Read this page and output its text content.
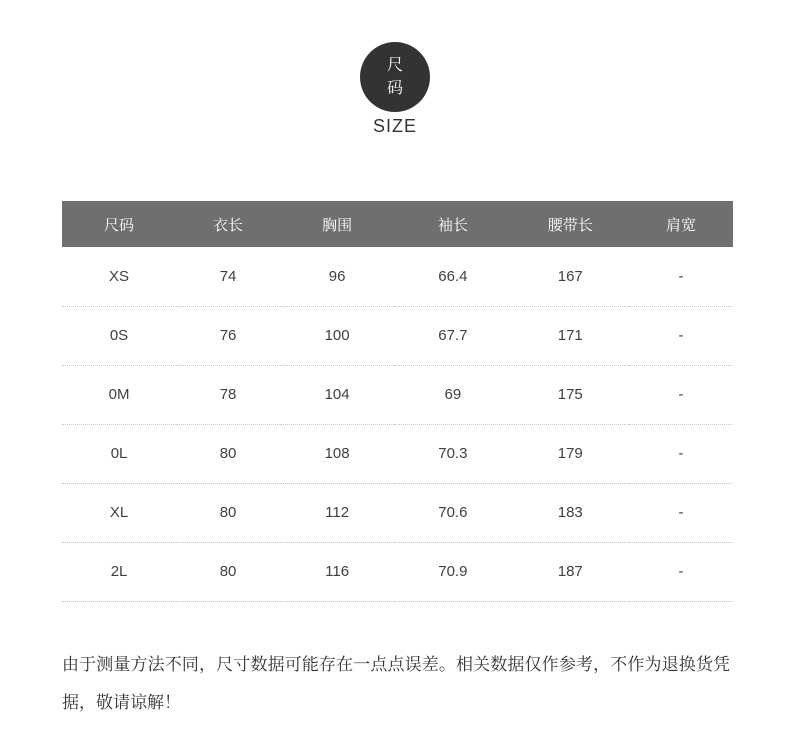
尺码
SIZE
尺码	衣长	胸围	袖长	腰带长	肩宽
XS	74	96	66.4	167	-
0S	76	100	67.7	171	-
0M	78	104	69	175	-
0L	80	108	70.3	179	-
XL	80	112	70.6	183	-
2L	80	116	70.9	187	-

由于测量方法不同，尺寸数据可能存在一点点误差。相关数据仅作参考，不作为退换货凭据，敬请谅解！
